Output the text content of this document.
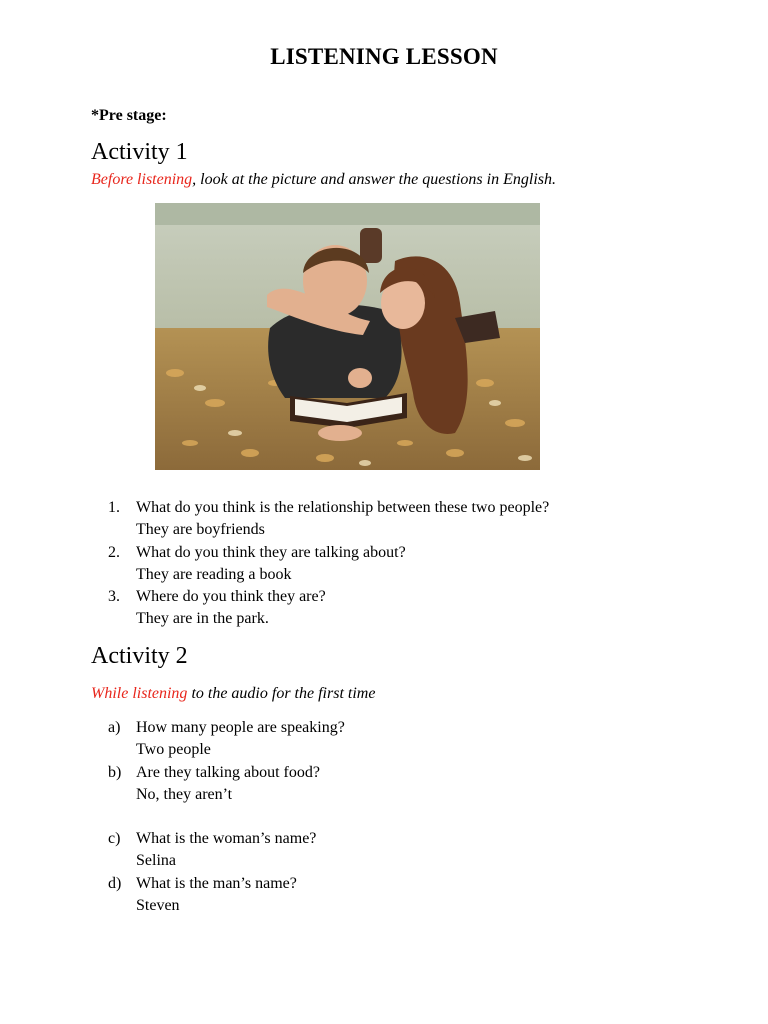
LISTENING LESSON
*Pre stage:
Activity 1
Before listening, look at the picture and answer the questions in English.
1.	What do you think is the relationship between these two people?
They are boyfriends
2.	What do you think they are talking about?
They are reading a book
3.	Where do you think they are?
They are in the park.
Activity 2
While listening to the audio for the first time
a) How many people are speaking?
Two people
b) Are they talking about food?
No, they aren’t
c) What is the woman’s name?
Selina
d) What is the man’s name?
Steven
